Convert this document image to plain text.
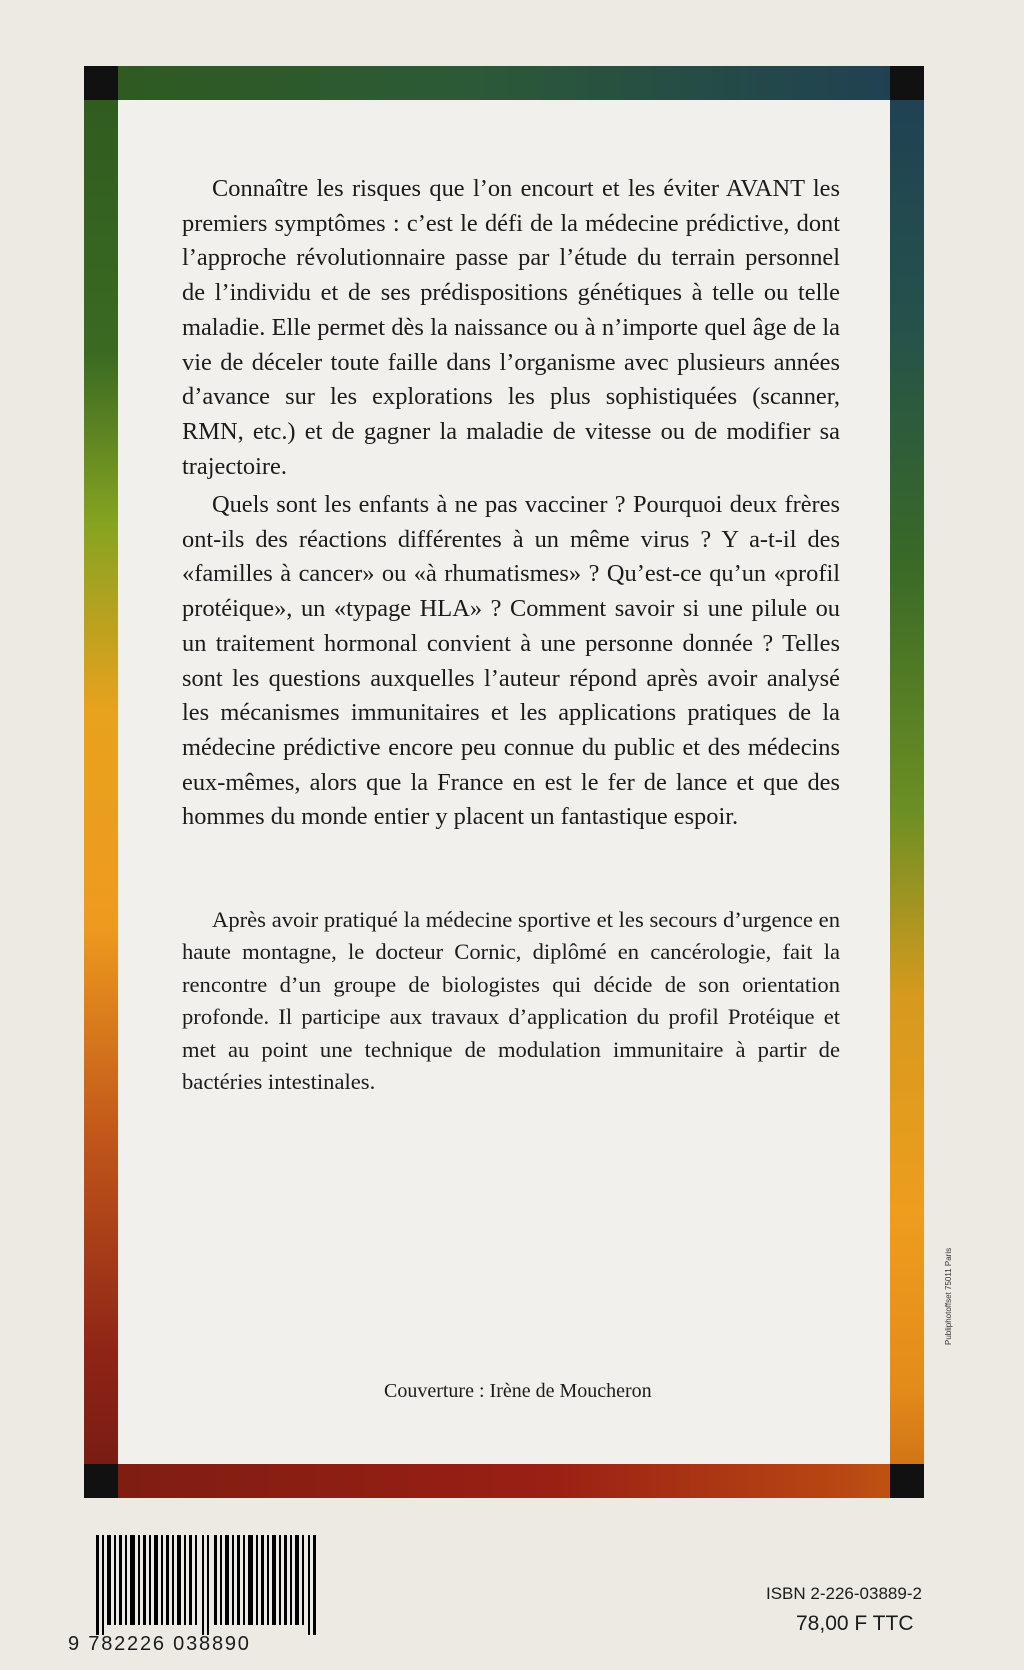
Connaître les risques que l’on encourt et les éviter AVANT les premiers symptômes : c’est le défi de la médecine prédictive, dont l’approche révolutionnaire passe par l’étude du terrain personnel de l’individu et de ses prédispositions génétiques à telle ou telle maladie. Elle permet dès la naissance ou à n’importe quel âge de la vie de déceler toute faille dans l’organisme avec plusieurs années d’avance sur les explorations les plus sophistiquées (scanner, RMN, etc.) et de gagner la maladie de vitesse ou de modifier sa trajectoire.

Quels sont les enfants à ne pas vacciner ? Pourquoi deux frères ont-ils des réactions différentes à un même virus ? Y a-t-il des «familles à cancer» ou «à rhumatismes» ? Qu’est-ce qu’un «profil protéique», un «typage HLA» ? Comment savoir si une pilule ou un traitement hormonal convient à une personne donnée ? Telles sont les questions auxquelles l’auteur répond après avoir analysé les mécanismes immunitaires et les applications pratiques de la médecine prédictive encore peu connue du public et des médecins eux-mêmes, alors que la France en est le fer de lance et que des hommes du monde entier y placent un fantastique espoir.

Après avoir pratiqué la médecine sportive et les secours d’urgence en haute montagne, le docteur Cornic, diplômé en cancérologie, fait la rencontre d’un groupe de biologistes qui décide de son orientation profonde. Il participe aux travaux d’application du profil Protéique et met au point une technique de modulation immunitaire à partir de bactéries intestinales.

Couverture : Irène de Moucheron
Publiphotoffset 75011 Paris
9 782226 038890
ISBN 2-226-03889-2
78,00 F TTC
